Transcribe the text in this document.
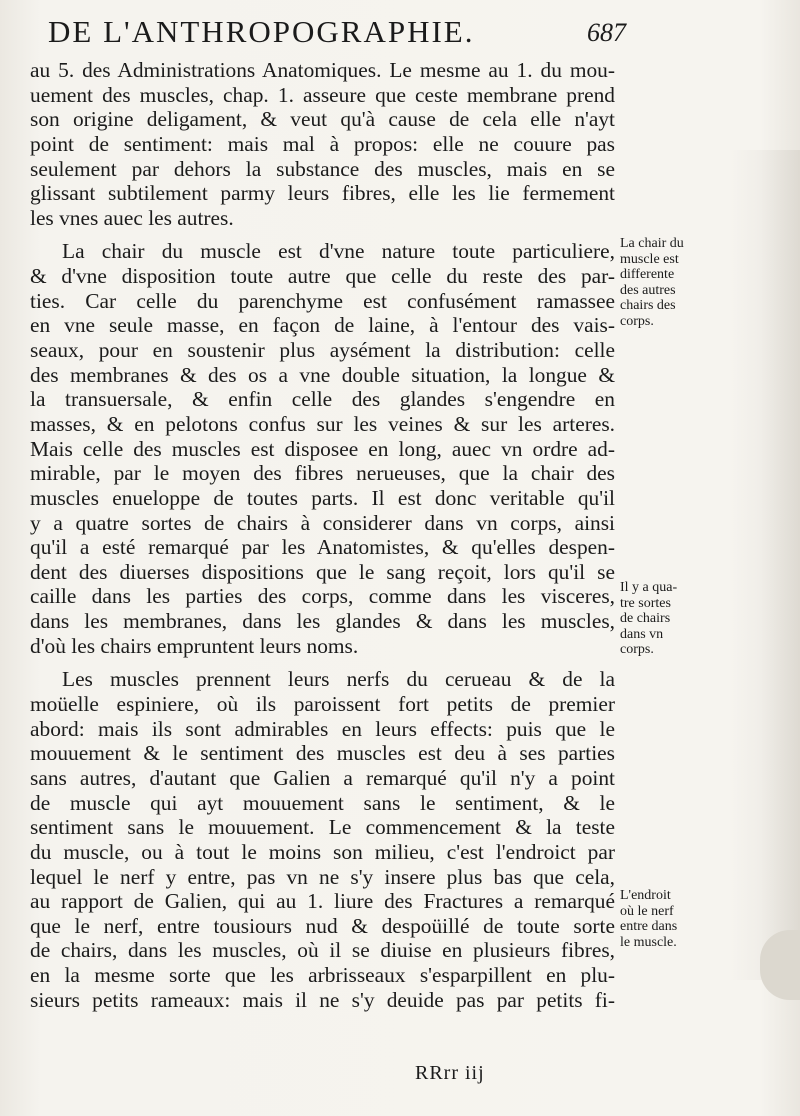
DE L'ANTHROPOGRAPHIE.	687
au 5. des Administrations Anatomiques. Le mesme au 1. du mou-
uement des muscles, chap. 1. asseure que ceste membrane prend
son origine deligament, & veut qu'à cause de cela elle n'ayt
point de sentiment: mais mal à propos: elle ne couure pas
seulement par dehors la substance des muscles, mais en se
glissant subtilement parmy leurs fibres, elle les lie fermement
les vnes auec les autres.
La chair du muscle est d'vne nature toute particuliere,
& d'vne disposition toute autre que celle du reste des par-
ties. Car celle du parenchyme est confusément ramassee
en vne seule masse, en façon de laine, à l'entour des vais-
seaux, pour en soustenir plus aysément la distribution: celle
des membranes & des os a vne double situation, la longue &
la transuersale, & enfin celle des glandes s'engendre en
masses, & en pelotons confus sur les veines & sur les arteres.
Mais celle des muscles est disposee en long, auec vn ordre ad-
mirable, par le moyen des fibres nerueuses, que la chair des
muscles enueloppe de toutes parts. Il est donc veritable qu'il
y a quatre sortes de chairs à considerer dans vn corps, ainsi
qu'il a esté remarqué par les Anatomistes, & qu'elles despen-
dent des diuerses dispositions que le sang reçoit, lors qu'il se
caille dans les parties des corps, comme dans les visceres,
dans les membranes, dans les glandes & dans les muscles,
d'où les chairs empruntent leurs noms.
Les muscles prennent leurs nerfs du cerueau & de la
moüelle espiniere, où ils paroissent fort petits de premier
abord: mais ils sont admirables en leurs effects: puis que le
mouuement & le sentiment des muscles est deu à ses parties
sans autres, d'autant que Galien a remarqué qu'il n'y a point
de muscle qui ayt mouuement sans le sentiment, & le
sentiment sans le mouuement. Le commencement & la teste
du muscle, ou à tout le moins son milieu, c'est l'endroict par
lequel le nerf y entre, pas vn ne s'y insere plus bas que cela,
au rapport de Galien, qui au 1. liure des Fractures a remarqué
que le nerf, entre tousiours nud & despoüillé de toute sorte
de chairs, dans les muscles, où il se diuise en plusieurs fibres,
en la mesme sorte que les arbrisseaux s'esparpillent en plu-
sieurs petits rameaux: mais il ne s'y deuide pas par petits fi-
La chair du
muscle est
differente
des autres
chairs des
corps.
Il y a qua-
tre sortes
de chairs
dans vn
corps.
L'endroit
où le nerf
entre dans
le muscle.
RRrr iij
